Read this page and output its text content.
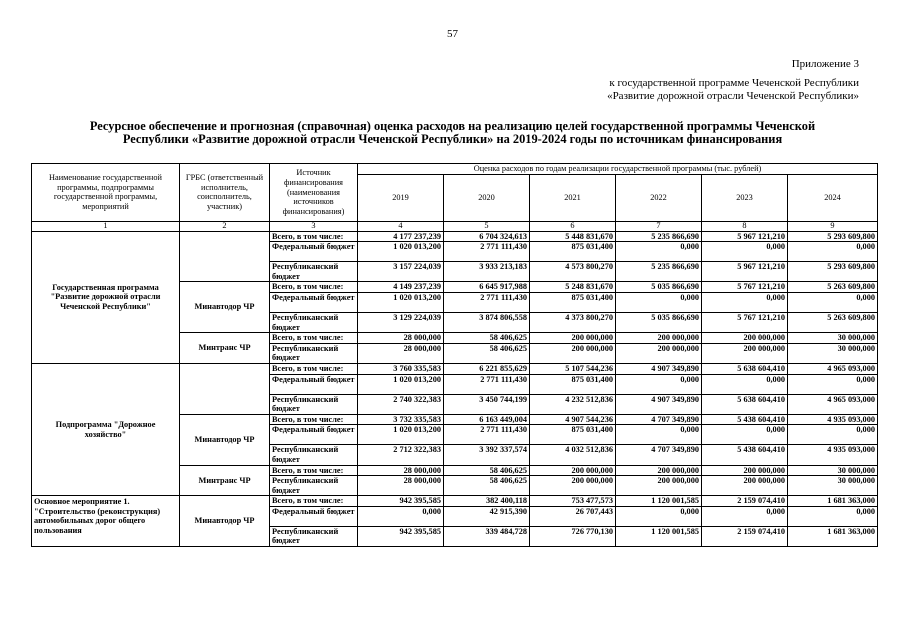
57
Приложение 3
к государственной программе Чеченской Республики
«Развитие дорожной отрасли Чеченской Республики»
Ресурсное обеспечение и прогнозная (справочная) оценка расходов на реализацию целей государственной программы Чеченской Республики «Развитие дорожной отрасли Чеченской Республики» на 2019-2024 годы по источникам финансирования
Наименование государственной программы, подпрограммы государственной программы, мероприятий	ГРБС (ответственный исполнитель, соисполнитель, участник)	Источник финансирования (наименования источников финансирования)	Оценка расходов по годам реализации государственной программы (тыс. рублей)					
			2019	2020	2021	2022	2023	2024
1	2	3	4	5	6	7	8	9
Государственная программа "Развитие дорожной отрасли Чеченской Республики"		Всего, в том числе:	4 177 237,239	6 704 324,613	5 448 831,670	5 235 866,690	5 967 121,210	5 293 609,800
		Федеральный бюджет	1 020 013,200	2 771 111,430	875 031,400	0,000	0,000	0,000
		Республиканский бюджет	3 157 224,039	3 933 213,183	4 573 800,270	5 235 866,690	5 967 121,210	5 293 609,800
	Минавтодор ЧР	Всего, в том числе:	4 149 237,239	6 645 917,988	5 248 831,670	5 035 866,690	5 767 121,210	5 263 609,800
		Федеральный бюджет	1 020 013,200	2 771 111,430	875 031,400	0,000	0,000	0,000
		Республиканский бюджет	3 129 224,039	3 874 806,558	4 373 800,270	5 035 866,690	5 767 121,210	5 263 609,800
	Минтранс ЧР	Всего, в том числе:	28 000,000	58 406,625	200 000,000	200 000,000	200 000,000	30 000,000
		Республиканский бюджет	28 000,000	58 406,625	200 000,000	200 000,000	200 000,000	30 000,000
Подпрограмма "Дорожное хозяйство"		Всего, в том числе:	3 760 335,583	6 221 855,629	5 107 544,236	4 907 349,890	5 638 604,410	4 965 093,000
		Федеральный бюджет	1 020 013,200	2 771 111,430	875 031,400	0,000	0,000	0,000
		Республиканский бюджет	2 740 322,383	3 450 744,199	4 232 512,836	4 907 349,890	5 638 604,410	4 965 093,000
	Минавтодор ЧР	Всего, в том числе:	3 732 335,583	6 163 449,004	4 907 544,236	4 707 349,890	5 438 604,410	4 935 093,000
		Федеральный бюджет	1 020 013,200	2 771 111,430	875 031,400	0,000	0,000	0,000
		Республиканский бюджет	2 712 322,383	3 392 337,574	4 032 512,836	4 707 349,890	5 438 604,410	4 935 093,000
	Минтранс ЧР	Всего, в том числе:	28 000,000	58 406,625	200 000,000	200 000,000	200 000,000	30 000,000
		Республиканский бюджет	28 000,000	58 406,625	200 000,000	200 000,000	200 000,000	30 000,000
Основное мероприятие 1. "Строительство (реконструкция) автомобильных дорог общего пользования	Минавтодор ЧР	Всего, в том числе:	942 395,585	382 400,118	753 477,573	1 120 001,585	2 159 074,410	1 681 363,000
		Федеральный бюджет	0,000	42 915,390	26 707,443	0,000	0,000	0,000
		Республиканский бюджет	942 395,585	339 484,728	726 770,130	1 120 001,585	2 159 074,410	1 681 363,000
